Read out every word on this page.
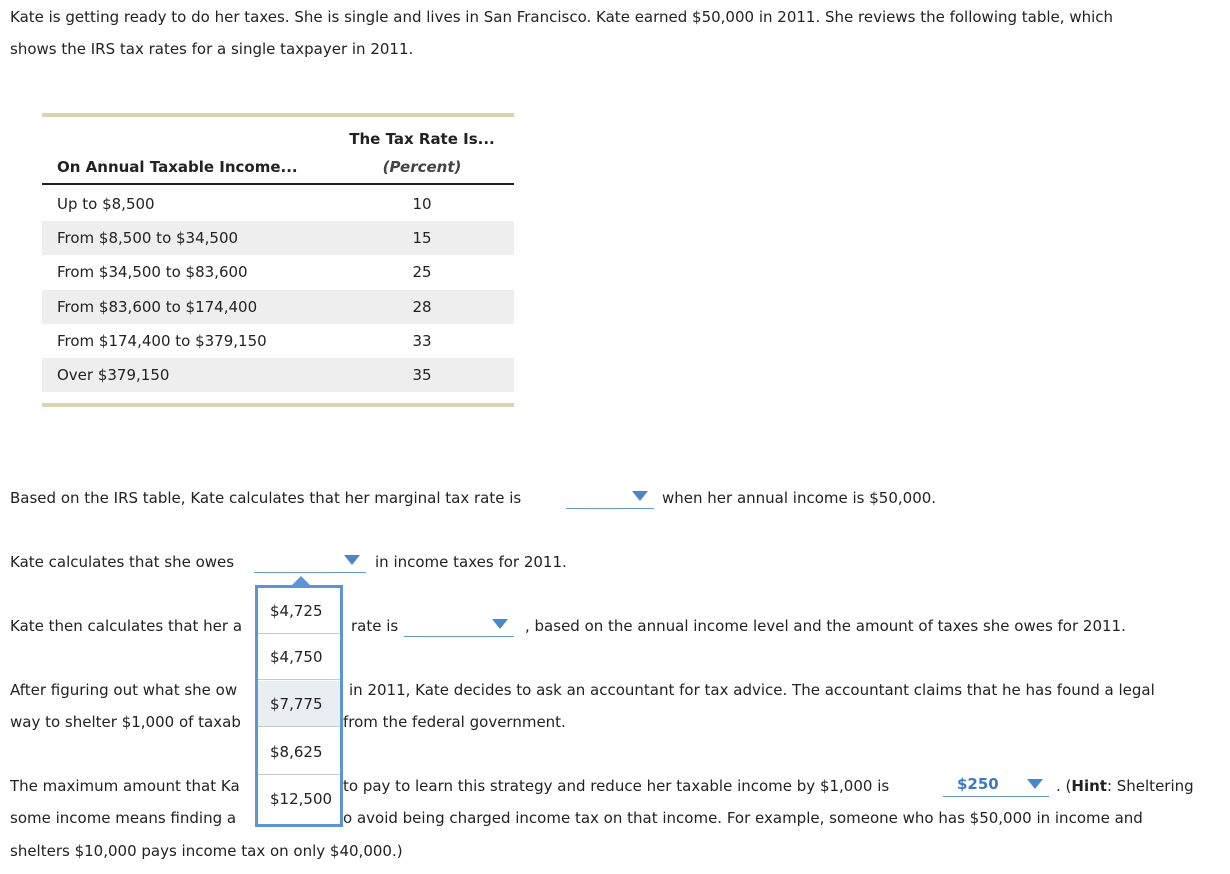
Kate is getting ready to do her taxes. She is single and lives in San Francisco. Kate earned $50,000 in 2011. She reviews the following table, which
shows the IRS tax rates for a single taxpayer in 2011.
The Tax Rate Is...
(Percent)
On Annual Taxable Income...
Up to $8,500	10
From $8,500 to $34,500	15
From $34,500 to $83,600	25
From $83,600 to $174,400	28
From $174,400 to $379,150	33
Over $379,150	35
Based on the IRS table, Kate calculates that her marginal tax rate is	when her annual income is $50,000.
Kate calculates that she owes	in income taxes for 2011.
Kate then calculates that her a	rate is	, based on the annual income level and the amount of taxes she owes for 2011.
After figuring out what she ow	in 2011, Kate decides to ask an accountant for tax advice. The accountant claims that he has found a legal
way to shelter $1,000 of taxab	from the federal government.
The maximum amount that Ka	to pay to learn this strategy and reduce her taxable income by $1,000 is	$250	. (Hint: Sheltering
some income means finding a	o avoid being charged income tax on that income. For example, someone who has $50,000 in income and
shelters $10,000 pays income tax on only $40,000.)
$4,725
$4,750
$7,775
$8,625
$12,500
